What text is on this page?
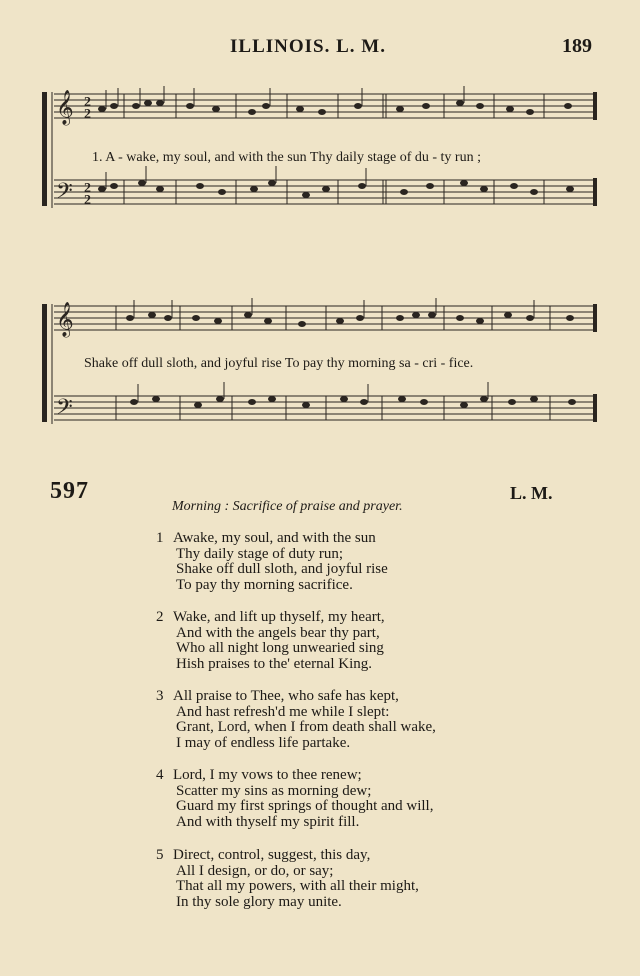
ILLINOIS. L. M.	189
𝄞
𝄢
2
2
2
2
1. A - wake, my soul, and with the sun Thy daily stage of du - ty run ;
𝄞
𝄢
Shake off dull sloth, and joyful rise To pay thy morning sa - cri - fice.
597	L. M.
Morning : Sacrifice of praise and prayer.
1 Awake, my soul, and with the sun
Thy daily stage of duty run;
Shake off dull sloth, and joyful rise
To pay thy morning sacrifice.
2 Wake, and lift up thyself, my heart,
And with the angels bear thy part,
Who all night long unwearied sing
Hish praises to the' eternal King.
3 All praise to Thee, who safe has kept,
And hast refresh'd me while I slept:
Grant, Lord, when I from death shall wake,
I may of endless life partake.
4 Lord, I my vows to thee renew;
Scatter my sins as morning dew;
Guard my first springs of thought and will,
And with thyself my spirit fill.
5 Direct, control, suggest, this day,
All I design, or do, or say;
That all my powers, with all their might,
In thy sole glory may unite.
